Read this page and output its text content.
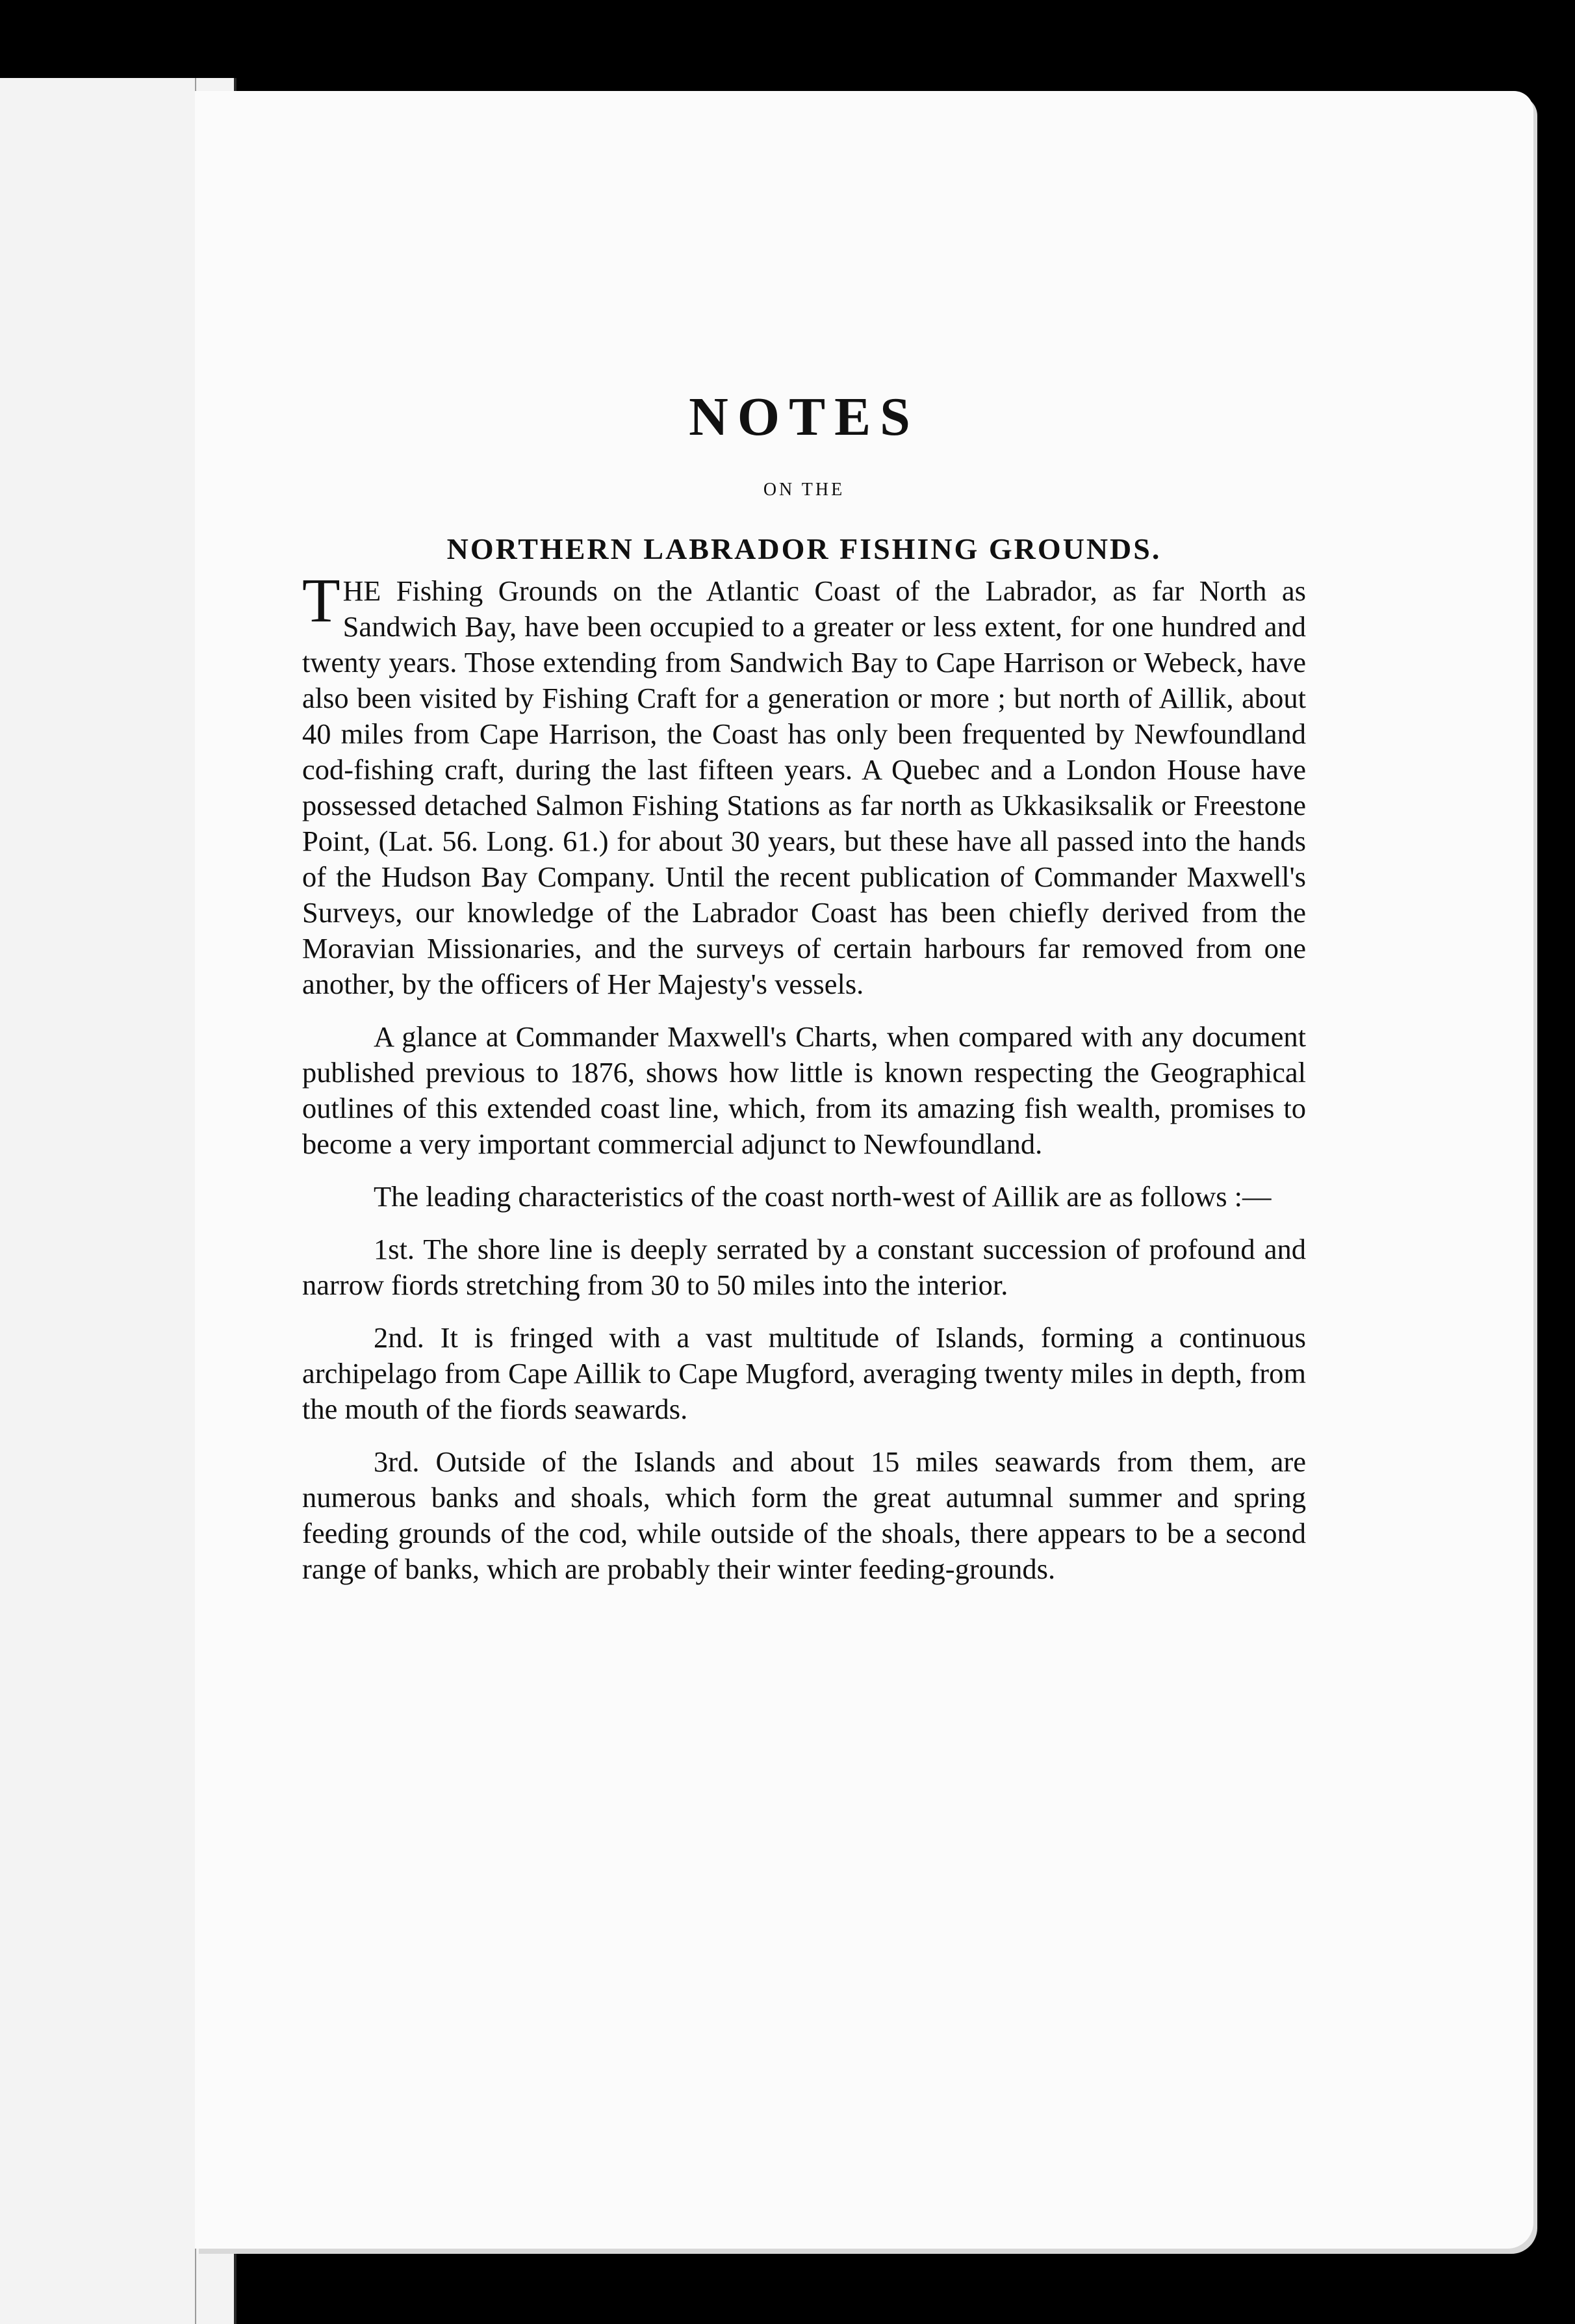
NOTES

ON THE

NORTHERN LABRADOR FISHING GROUNDS.

THE Fishing Grounds on the Atlantic Coast of the Labrador, as far North as Sandwich Bay, have been occupied to a greater or less extent, for one hundred and twenty years. Those extending from Sandwich Bay to Cape Harrison or Webeck, have also been visited by Fishing Craft for a generation or more ; but north of Aillik, about 40 miles from Cape Harrison, the Coast has only been frequented by Newfoundland cod-fishing craft, during the last fifteen years. A Quebec and a London House have possessed detached Salmon Fishing Stations as far north as Ukkasiksalik or Freestone Point, (Lat. 56. Long. 61.) for about 30 years, but these have all passed into the hands of the Hudson Bay Company. Until the recent publication of Commander Maxwell's Surveys, our knowledge of the Labrador Coast has been chiefly derived from the Moravian Missionaries, and the surveys of certain harbours far removed from one another, by the officers of Her Majesty's vessels.

A glance at Commander Maxwell's Charts, when compared with any document published previous to 1876, shows how little is known respecting the Geographical outlines of this extended coast line, which, from its amazing fish wealth, promises to become a very important commercial adjunct to Newfoundland.

The leading characteristics of the coast north-west of Aillik are as follows :—

1st. The shore line is deeply serrated by a constant succession of profound and narrow fiords stretching from 30 to 50 miles into the interior.

2nd. It is fringed with a vast multitude of Islands, forming a continuous archipelago from Cape Aillik to Cape Mugford, averaging twenty miles in depth, from the mouth of the fiords seawards.

3rd. Outside of the Islands and about 15 miles seawards from them, are numerous banks and shoals, which form the great autumnal summer and spring feeding grounds of the cod, while outside of the shoals, there appears to be a second range of banks, which are probably their winter feeding-grounds.
